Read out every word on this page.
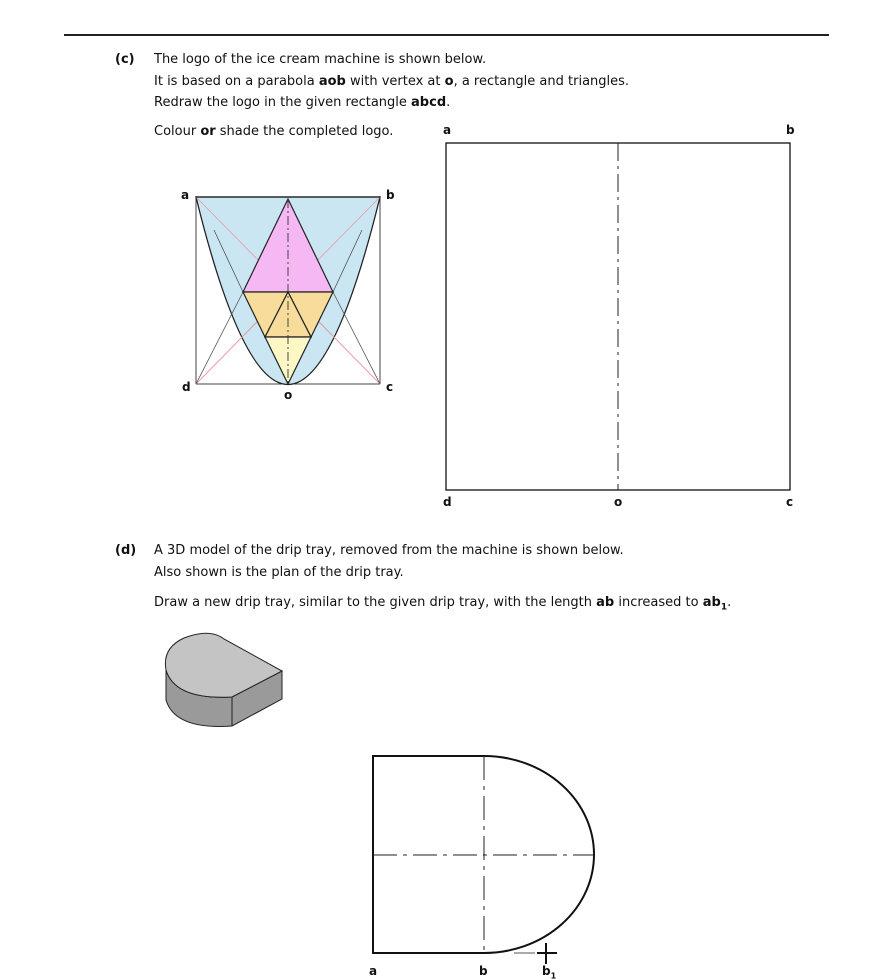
(c) The logo of the ice cream machine is shown below.
It is based on a parabola aob with vertex at o, a rectangle and triangles.
Redraw the logo in the given rectangle abcd.
Colour or shade the completed logo.
a	b
d	c
o
a	b
d	o	c
(d) A 3D model of the drip tray, removed from the machine is shown below.
Also shown is the plan of the drip tray.
Draw a new drip tray, similar to the given drip tray, with the length ab increased to $ab_1$.
a	b	$b_1$
